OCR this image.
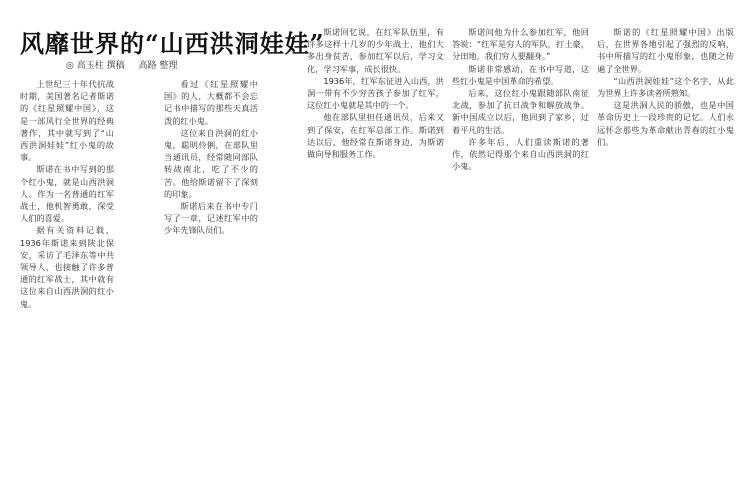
风靡世界的“山西洪洞娃娃”
◎ 高玉柱 撰稿 高路 整理

上世纪三十年代抗战时期，美国著名记者斯诺的《红星照耀中国》，这是一部风行全世界的经典著作，其中就写到了“山西洪洞娃娃”红小鬼的故事。

斯诺在书中写到的那个红小鬼，就是山西洪洞人。作为一名普通的红军战士，他机智勇敢，深受人们的喜爱。

据有关资料记载，1936年斯诺来到陕北保安，采访了毛泽东等中共领导人，也接触了许多普通的红军战士，其中就有这位来自山西洪洞的红小鬼。

看过《红星照耀中国》的人，大概都不会忘记书中描写的那些天真活泼的红小鬼。

这位来自洪洞的红小鬼，聪明伶俐，在部队里当通讯员，经常随同部队转战南北，吃了不少的苦。他给斯诺留下了深刻的印象。

斯诺后来在书中专门写了一章，记述红军中的少年先锋队员们。

斯诺回忆说，在红军队伍里，有许多这样十几岁的少年战士，他们大多出身贫苦，参加红军以后，学习文化，学习军事，成长很快。

1936年，红军东征进入山西，洪洞一带有不少穷苦孩子参加了红军，这位红小鬼就是其中的一个。

他在部队里担任通讯员，后来又到了保安，在红军总部工作。斯诺到达以后，他经常在斯诺身边，为斯诺做向导和服务工作。

斯诺问他为什么参加红军，他回答说：“红军是穷人的军队，打土豪，分田地，我们穷人要翻身。”

斯诺非常感动，在书中写道，这些红小鬼是中国革命的希望。

后来，这位红小鬼跟随部队南征北战，参加了抗日战争和解放战争。新中国成立以后，他回到了家乡，过着平凡的生活。

许多年后，人们重读斯诺的著作，依然记得那个来自山西洪洞的红小鬼。

斯诺的《红星照耀中国》出版后，在世界各地引起了强烈的反响，书中所描写的红小鬼形象，也随之传遍了全世界。

“山西洪洞娃娃”这个名字，从此为世界上许多读者所熟知。

这是洪洞人民的骄傲，也是中国革命历史上一段珍贵的记忆。人们永远怀念那些为革命献出青春的红小鬼们。
